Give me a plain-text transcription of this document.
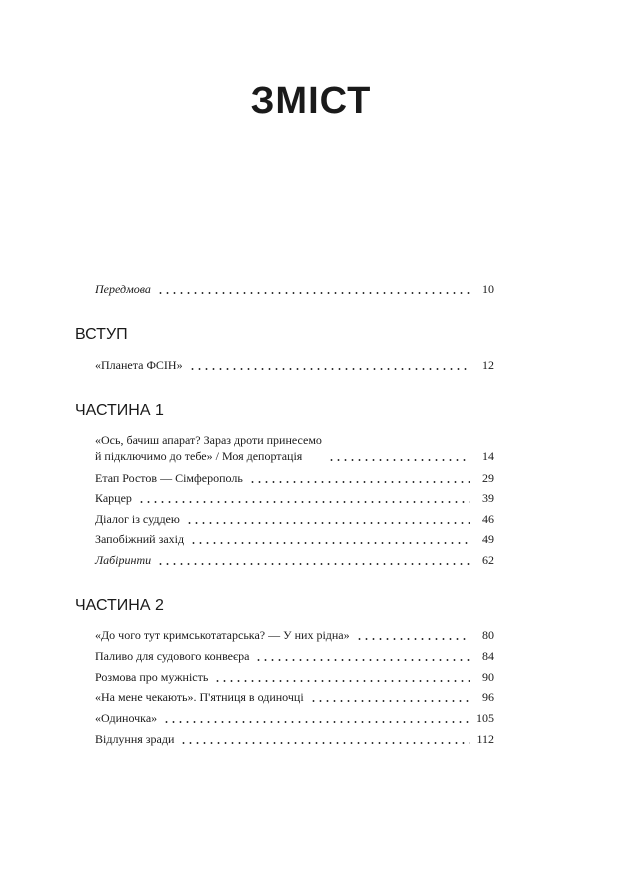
ЗМІСТ
Передмова	10
ВСТУП
«Планета ФСІН»	12
ЧАСТИНА 1
«Ось, бачиш апарат? Зараз дроти принесемо
й підключимо до тебе» / Моя депортація	14
Етап Ростов — Сімферополь	29
Карцер	39
Діалог із суддею	46
Запобіжний захід	49
Лабіринти	62
ЧАСТИНА 2
«До чого тут кримськотатарська? — У них рідна»	80
Паливо для судового конвеєра	84
Розмова про мужність	90
«На мене чекають». П'ятниця в одиночці	96
«Одиночка»	105
Відлуння зради	112
